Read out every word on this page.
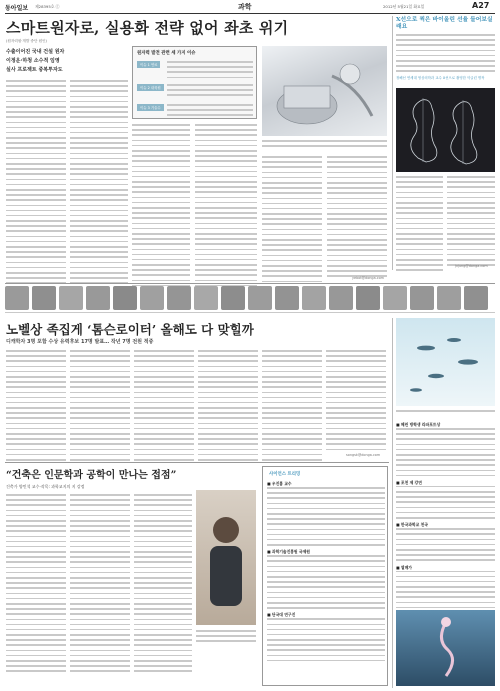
동아일보 제28395호 ⓒ	과학	2012년 5월21일 화요일	A27
스마트원자로, 실용화 전략 없어 좌초 위기
(원자력원·개발 중단 원인)
수출이어진 국내 건설 원자
이정운·하청 소수적 임영
실사 프로젝트 중복투자도
원자력 발전 관련 세 가지 이슈
이슈 1 연료
이슈 2 내륙원
이슈 3 기술수
yebot@donga.com
X선으로 찍은 바이올린 선율 들어보실래요
정해선 연세대 영상의학과 교수 X선으로 촬영한 악클린 명작
jvjung@donga.com
노벨상 족집게 ‘톰슨로이터’ 올해도 다 맞힐까
디캐학자 3명 포함 수상 유력후보 17명 발표… 작년 7명 전원 적중
songsk@donga.com
■ 혜린 방학생 라파포트상
■ 포천 제 강연
■ 한국과학교 천국
■ 열매가
“건축은 인문학과 공학이 만나는 접점”
건축가 양민석 교수·작목: 과학교지의 지 강정
사이언스 트리밍
■ 우진흠 교수
■ 과학기술진흥원 국제원
■ 단국대 연구진
